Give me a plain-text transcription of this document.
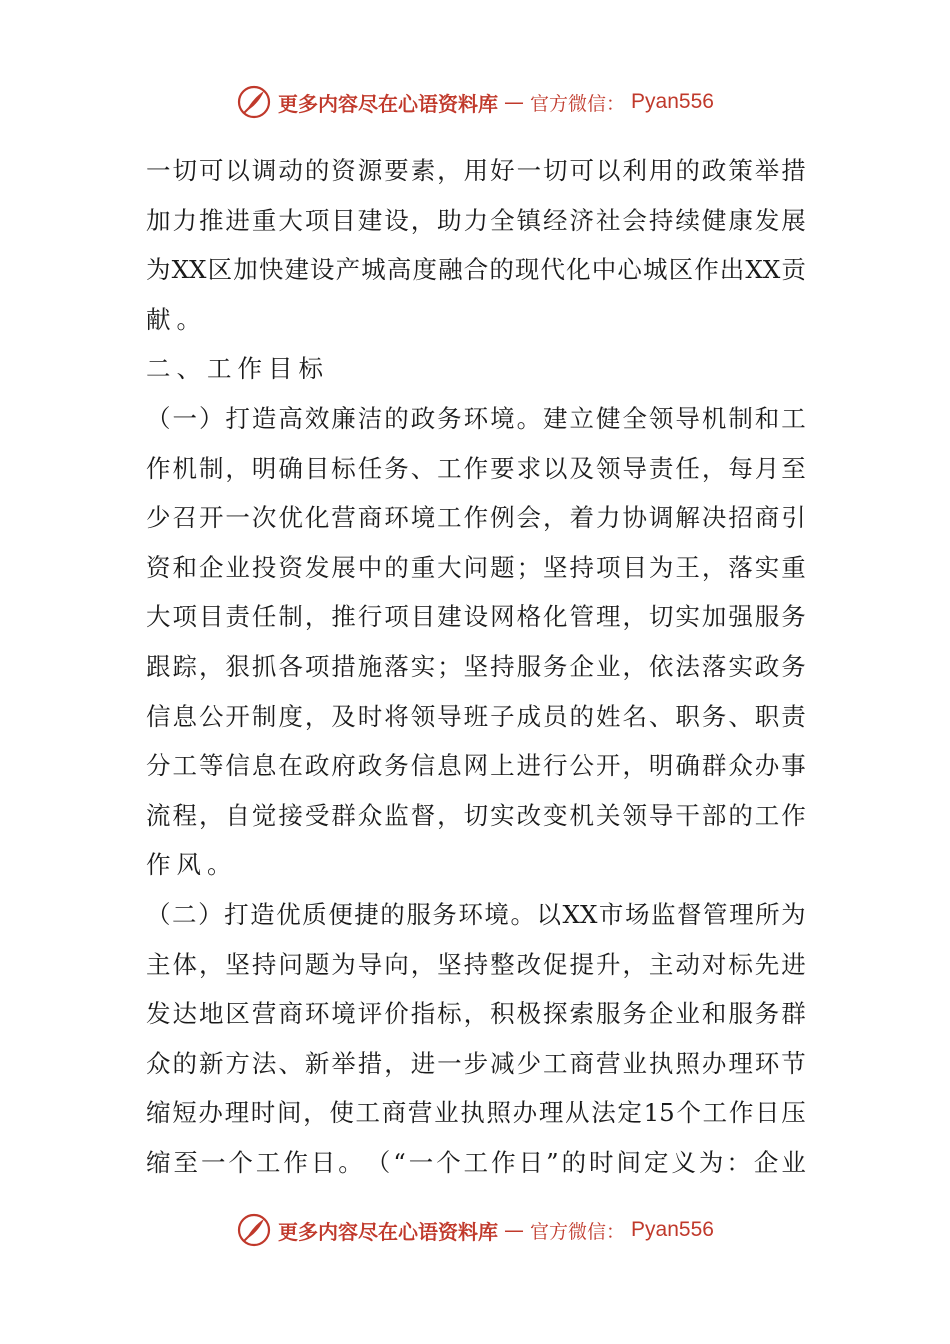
更多内容尽在心语资料库 — 官方微信： Pyan556
一 切 可 以 调 动 的 资 源 要 素 ， 用 好 一 切 可 以 利 用 的 政 策 举 措
加 力 推 进 重 大 项 目 建 设 ， 助 力 全 镇 经 济 社 会 持 续 健 康 发 展
为 XX 区 加 快 建 设 产 城 高 度 融 合 的 现 代 化 中 心 城 区 作 出 XX 贡
献。
二、工作目标
（ 一 ） 打 造 高 效 廉 洁 的 政 务 环 境 。 建 立 健 全 领 导 机 制 和 工
作 机 制 ， 明 确 目 标 任 务 、 工 作 要 求 以 及 领 导 责 任 ， 每 月 至
少 召 开 一 次 优 化 营 商 环 境 工 作 例 会 ， 着 力 协 调 解 决 招 商 引
资 和 企 业 投 资 发 展 中 的 重 大 问 题 ； 坚 持 项 目 为 王 ， 落 实 重
大 项 目 责 任 制 ， 推 行 项 目 建 设 网 格 化 管 理 ， 切 实 加 强 服 务
跟 踪 ， 狠 抓 各 项 措 施 落 实 ； 坚 持 服 务 企 业 ， 依 法 落 实 政 务
信 息 公 开 制 度 ， 及 时 将 领 导 班 子 成 员 的 姓 名 、 职 务 、 职 责
分 工 等 信 息 在 政 府 政 务 信 息 网 上 进 行 公 开 ， 明 确 群 众 办 事
流 程 ， 自 觉 接 受 群 众 监 督 ， 切 实 改 变 机 关 领 导 干 部 的 工 作
作风。
（ 二 ） 打 造 优 质 便 捷 的 服 务 环 境 。 以 XX 市 场 监 督 管 理 所 为
主 体 ， 坚 持 问 题 为 导 向 ， 坚 持 整 改 促 提 升 ， 主 动 对 标 先 进
发 达 地 区 营 商 环 境 评 价 指 标 ， 积 极 探 索 服 务 企 业 和 服 务 群
众 的 新 方 法 、 新 举 措 ， 进 一 步 减 少 工 商 营 业 执 照 办 理 环 节
缩 短 办 理 时 间 ， 使 工 商 营 业 执 照 办 理 从 法 定 15 个 工 作 日 压
缩 至 一 个 工 作 日 。 （ “ 一 个 工 作 日 ” 的 时 间 定 义 为 ： 企 业
更多内容尽在心语资料库 — 官方微信： Pyan556
